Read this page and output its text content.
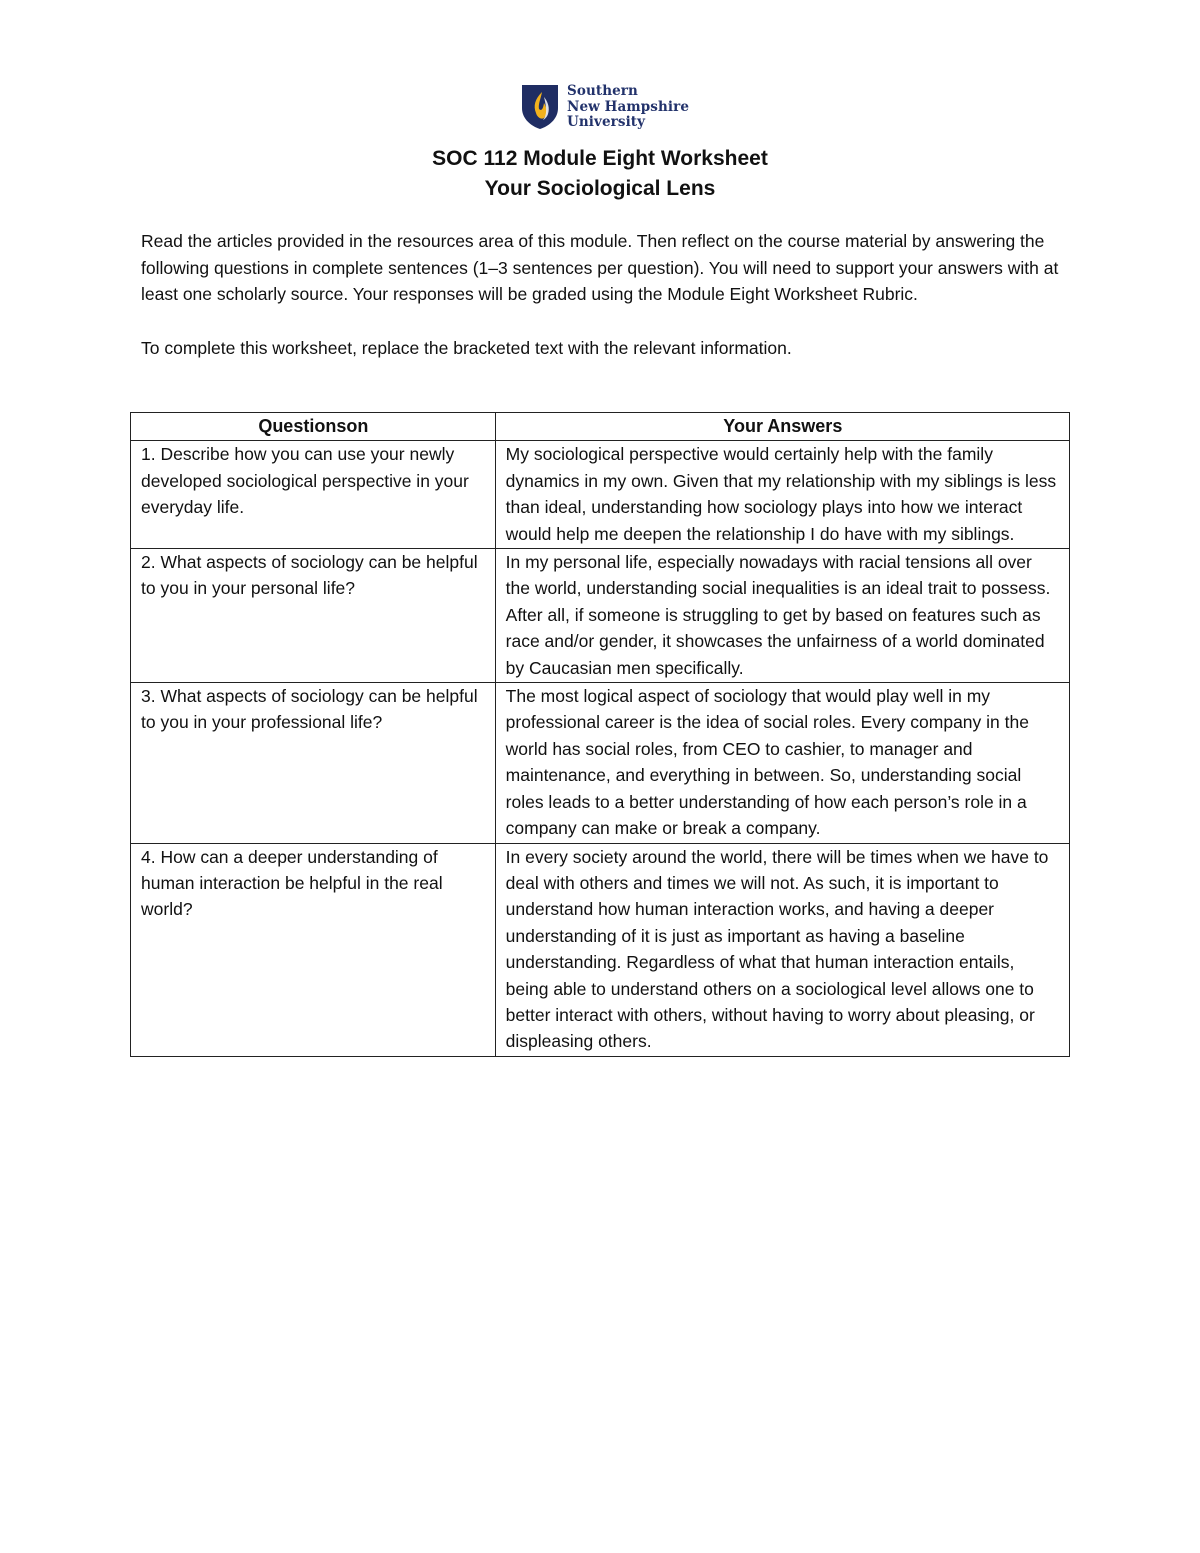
Southern
New Hampshire
University
SOC 112 Module Eight Worksheet
Your Sociological Lens

Read the articles provided in the resources area of this module. Then reflect on the course material by answering the following questions in complete sentences (1–3 sentences per question). You will need to support your answers with at least one scholarly source. Your responses will be graded using the Module Eight Worksheet Rubric.

To complete this worksheet, replace the bracketed text with the relevant information.

Questionson	Your Answers
1. Describe how you can use your newly developed sociological perspective in your everyday life.	My sociological perspective would certainly help with the family dynamics in my own. Given that my relationship with my siblings is less than ideal, understanding how sociology plays into how we interact would help me deepen the relationship I do have with my siblings.
2. What aspects of sociology can be helpful to you in your personal life?	In my personal life, especially nowadays with racial tensions all over the world, understanding social inequalities is an ideal trait to possess. After all, if someone is struggling to get by based on features such as race and/or gender, it showcases the unfairness of a world dominated by Caucasian men specifically.
3. What aspects of sociology can be helpful to you in your professional life?	The most logical aspect of sociology that would play well in my professional career is the idea of social roles. Every company in the world has social roles, from CEO to cashier, to manager and maintenance, and everything in between. So, understanding social roles leads to a better understanding of how each person’s role in a company can make or break a company.
4. How can a deeper understanding of human interaction be helpful in the real world?	In every society around the world, there will be times when we have to deal with others and times we will not. As such, it is important to understand how human interaction works, and having a deeper understanding of it is just as important as having a baseline understanding. Regardless of what that human interaction entails, being able to understand others on a sociological level allows one to better interact with others, without having to worry about pleasing, or displeasing others.
